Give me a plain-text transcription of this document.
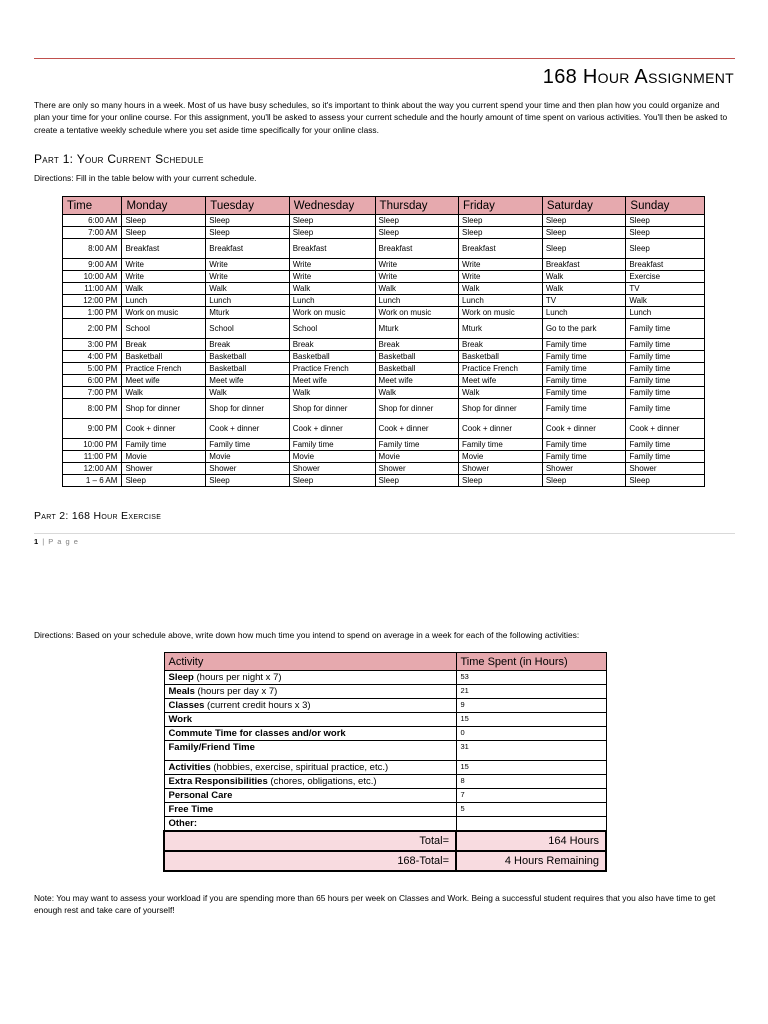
168 Hour Assignment
There are only so many hours in a week. Most of us have busy schedules, so it's important to think about the way you current spend your time and then plan how you could organize and plan your time for your online course. For this assignment, you'll be asked to assess your current schedule and the hourly amount of time spent on various activities. You'll then be asked to create a tentative weekly schedule where you set aside time specifically for your online class.
Part 1: Your Current Schedule
Directions: Fill in the table below with your current schedule.
Time	Monday	Tuesday	Wednesday	Thursday	Friday	Saturday	Sunday
6:00 AM	Sleep	Sleep	Sleep	Sleep	Sleep	Sleep	Sleep
7:00 AM	Sleep	Sleep	Sleep	Sleep	Sleep	Sleep	Sleep
8:00 AM	Breakfast	Breakfast	Breakfast	Breakfast	Breakfast	Sleep	Sleep
9:00 AM	Write	Write	Write	Write	Write	Breakfast	Breakfast
10:00 AM	Write	Write	Write	Write	Write	Walk	Exercise
11:00 AM	Walk	Walk	Walk	Walk	Walk	Walk	TV
12:00 PM	Lunch	Lunch	Lunch	Lunch	Lunch	TV	Walk
1:00 PM	Work on music	Mturk	Work on music	Work on music	Work on music	Lunch	Lunch
2:00 PM	School	School	School	Mturk	Mturk	Go to the park	Family time
3:00 PM	Break	Break	Break	Break	Break	Family time	Family time
4:00 PM	Basketball	Basketball	Basketball	Basketball	Basketball	Family time	Family time
5:00 PM	Practice French	Basketball	Practice French	Basketball	Practice French	Family time	Family time
6:00 PM	Meet wife	Meet wife	Meet wife	Meet wife	Meet wife	Family time	Family time
7:00 PM	Walk	Walk	Walk	Walk	Walk	Family time	Family time
8:00 PM	Shop for dinner	Shop for dinner	Shop for dinner	Shop for dinner	Shop for dinner	Family time	Family time
9:00 PM	Cook + dinner	Cook + dinner	Cook + dinner	Cook + dinner	Cook + dinner	Cook + dinner	Cook + dinner
10:00 PM	Family time	Family time	Family time	Family time	Family time	Family time	Family time
11:00 PM	Movie	Movie	Movie	Movie	Movie	Family time	Family time
12:00 AM	Shower	Shower	Shower	Shower	Shower	Shower	Shower
1 – 6 AM	Sleep	Sleep	Sleep	Sleep	Sleep	Sleep	Sleep
Part 2: 168 Hour Exercise
1 | P a g e
Directions: Based on your schedule above, write down how much time you intend to spend on average in a week for each of the following activities:
Activity	Time Spent (in Hours)
Sleep (hours per night x 7)	53
Meals (hours per day x 7)	21
Classes (current credit hours x 3)	9
Work	15
Commute Time for classes and/or work	0
Family/Friend Time	31
Activities (hobbies, exercise, spiritual practice, etc.)	15
Extra Responsibilities (chores, obligations, etc.)	8
Personal Care	7
Free Time	5
Other:	
Total=	164 Hours
168-Total=	4 Hours Remaining
Note: You may want to assess your workload if you are spending more than 65 hours per week on Classes and Work. Being a successful student requires that you also have time to get enough rest and take care of yourself!
